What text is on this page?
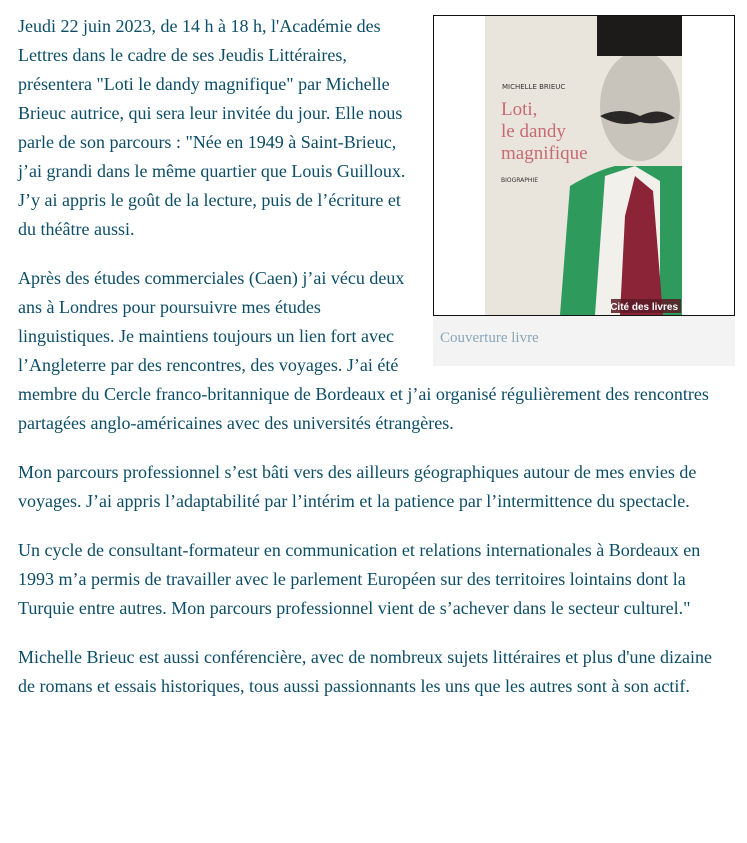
MICHELLE BRIEUC
Loti,
le dandy
magnifique
BIOGRAPHIE
Cité des livres
Couverture livre

Jeudi 22 juin 2023, de 14 h à 18 h, l'Académie des Lettres dans le cadre de ses Jeudis Littéraires, présentera "Loti le dandy magnifique" par Michelle Brieuc autrice, qui sera leur invitée du jour. Elle nous parle de son parcours : "Née en 1949 à Saint-Brieuc, j’ai grandi dans le même quartier que Louis Guilloux. J’y ai appris le goût de la lecture, puis de l’écriture et du théâtre aussi.

Après des études commerciales (Caen) j’ai vécu deux ans à Londres pour poursuivre mes études linguistiques. Je maintiens toujours un lien fort avec l’Angleterre par des rencontres, des voyages. J’ai été membre du Cercle franco-britannique de Bordeaux et j’ai organisé régulièrement des rencontres partagées anglo-américaines avec des universités étrangères.

Mon parcours professionnel s’est bâti vers des ailleurs géographiques autour de mes envies de voyages. J’ai appris l’adaptabilité par l’intérim et la patience par l’intermittence du spectacle.

Un cycle de consultant-formateur en communication et relations internationales à Bordeaux en 1993 m’a permis de travailler avec le parlement Européen sur des territoires lointains dont la Turquie entre autres. Mon parcours professionnel vient de s’achever dans le secteur culturel."

Michelle Brieuc est aussi conférencière, avec de nombreux sujets littéraires et plus d'une dizaine de romans et essais historiques, tous aussi passionnants les uns que les autres sont à son actif.
